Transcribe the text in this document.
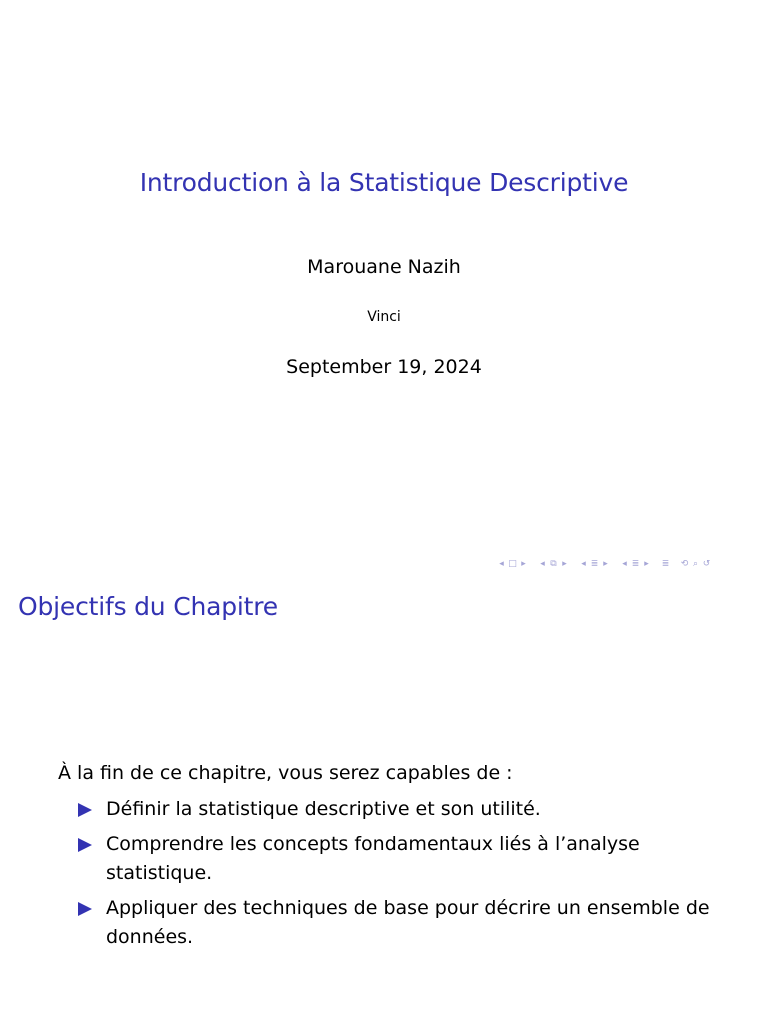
Introduction à la Statistique Descriptive
Marouane Nazih
Vinci
September 19, 2024
◂ □ ▸	◂ ⧉ ▸	◂ ≣ ▸	◂ ≣ ▸	≣ ⟲ ⌕ ↺
Objectifs du Chapitre
À la fin de ce chapitre, vous serez capables de :
Définir la statistique descriptive et son utilité.
Comprendre les concepts fondamentaux liés à l’analyse statistique.
Appliquer des techniques de base pour décrire un ensemble de données.
